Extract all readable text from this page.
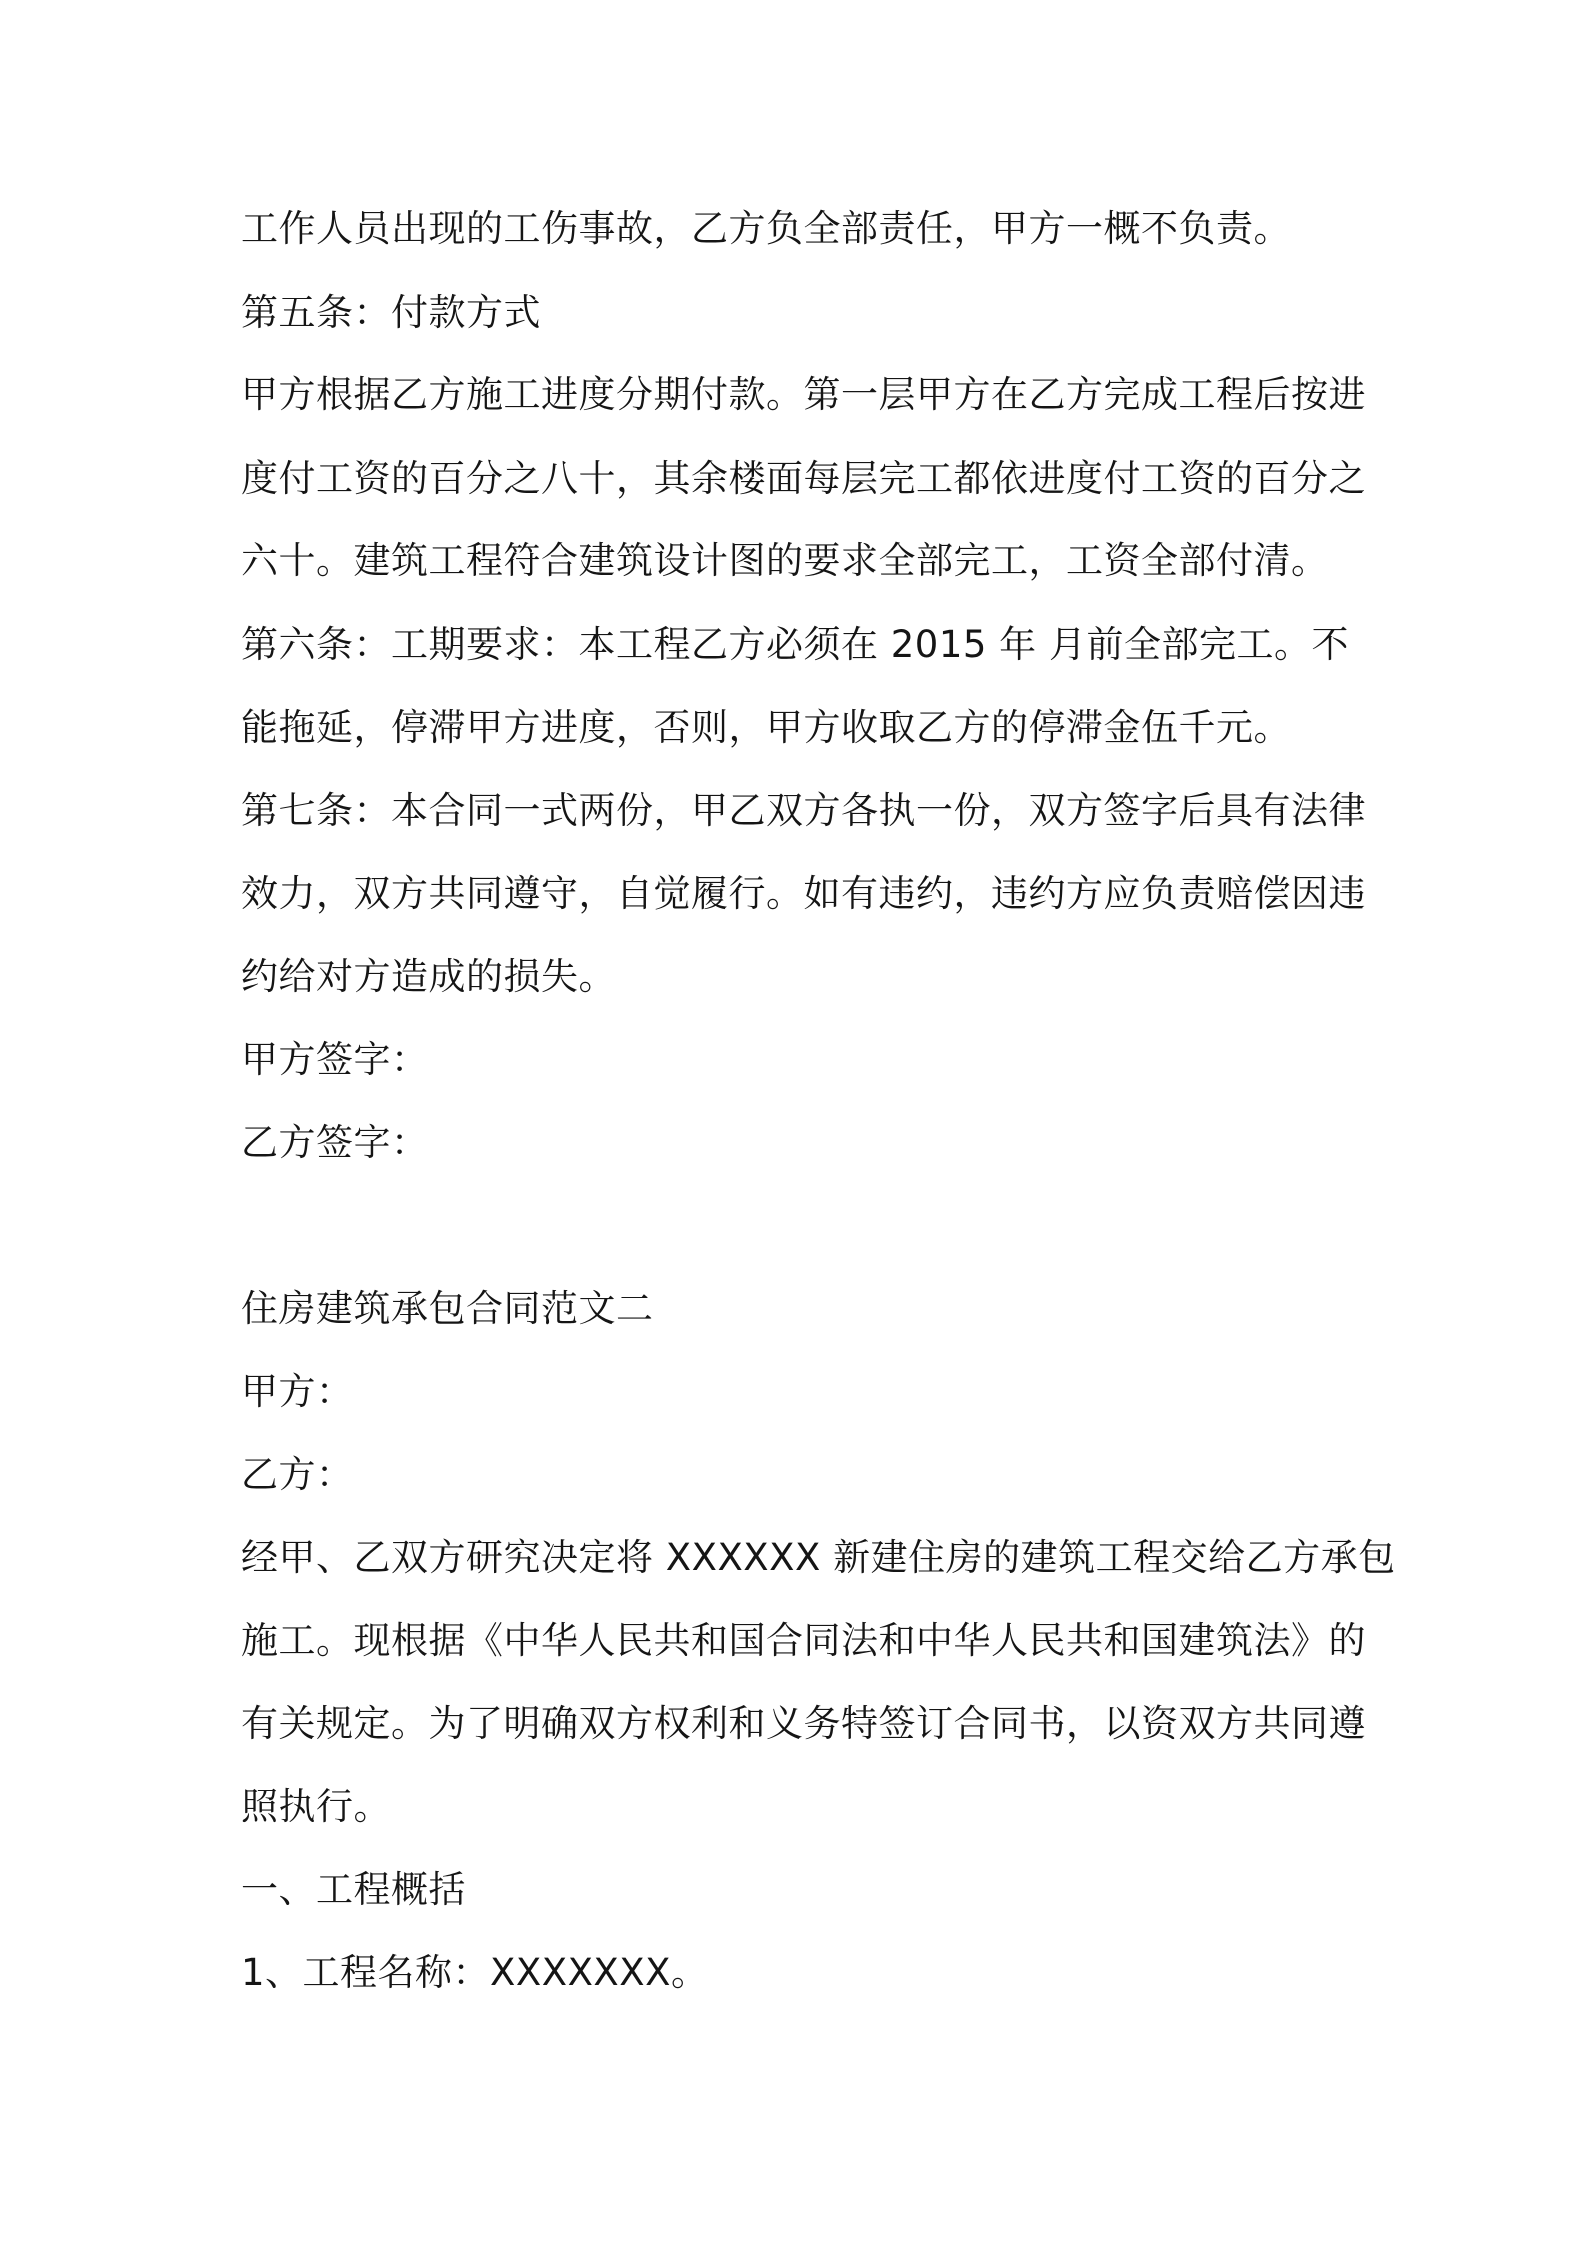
工作人员出现的工伤事故，乙方负全部责任，甲方一概不负责。
第五条：付款方式
甲方根据乙方施工进度分期付款。第一层甲方在乙方完成工程后按进
度付工资的百分之八十，其余楼面每层完工都依进度付工资的百分之
六十。建筑工程符合建筑设计图的要求全部完工，工资全部付清。
第六条：工期要求：本工程乙方必须在 2015 年 月前全部完工。不
能拖延，停滞甲方进度，否则，甲方收取乙方的停滞金伍千元。
第七条：本合同一式两份，甲乙双方各执一份，双方签字后具有法律
效力，双方共同遵守，自觉履行。如有违约，违约方应负责赔偿因违
约给对方造成的损失。
甲方签字：
乙方签字：
住房建筑承包合同范文二
甲方：
乙方：
经甲、乙双方研究决定将 XXXXXX 新建住房的建筑工程交给乙方承包
施工。现根据《中华人民共和国合同法和中华人民共和国建筑法》的
有关规定。为了明确双方权利和义务特签订合同书，以资双方共同遵
照执行。
一、工程概括
1、工程名称：XXXXXXX。
